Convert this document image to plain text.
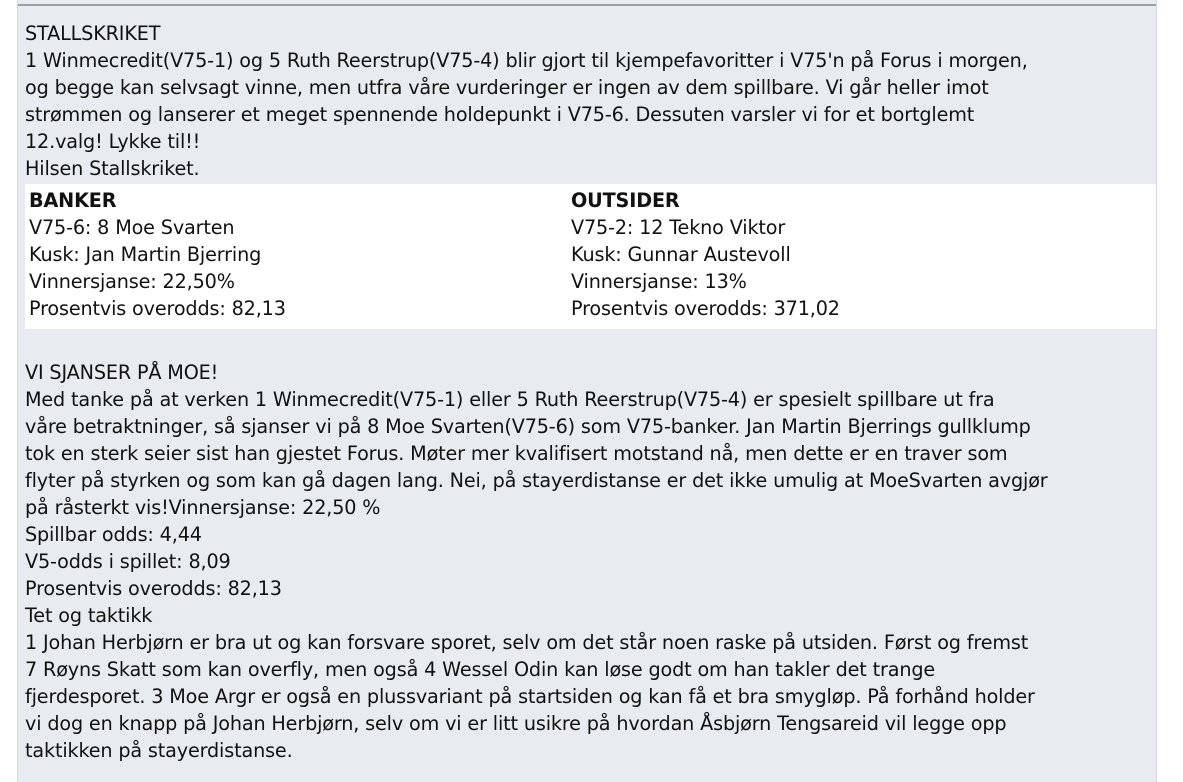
STALLSKRIKET

1 Winmecredit(V75-1) og 5 Ruth Reerstrup(V75-4) blir gjort til kjempefavoritter i V75'n på Forus i morgen,

og begge kan selvsagt vinne, men utfra våre vurderinger er ingen av dem spillbare. Vi går heller imot

strømmen og lanserer et meget spennende holdepunkt i V75-6. Dessuten varsler vi for et bortglemt

12.valg! Lykke til!!

Hilsen Stallskriket.

BANKER

V75-6: 8 Moe Svarten

Kusk: Jan Martin Bjerring

Vinnersjanse: 22,50%

Prosentvis overodds: 82,13

OUTSIDER

V75-2: 12 Tekno Viktor

Kusk: Gunnar Austevoll

Vinnersjanse: 13%

Prosentvis overodds: 371,02

VI SJANSER PÅ MOE!

Med tanke på at verken 1 Winmecredit(V75-1) eller 5 Ruth Reerstrup(V75-4) er spesielt spillbare ut fra

våre betraktninger, så sjanser vi på 8 Moe Svarten(V75-6) som V75-banker. Jan Martin Bjerrings gullklump

tok en sterk seier sist han gjestet Forus. Møter mer kvalifisert motstand nå, men dette er en traver som

flyter på styrken og som kan gå dagen lang. Nei, på stayerdistanse er det ikke umulig at MoeSvarten avgjør

på råsterkt vis!Vinnersjanse: 22,50 %

Spillbar odds: 4,44

V5-odds i spillet: 8,09

Prosentvis overodds: 82,13

Tet og taktikk

1 Johan Herbjørn er bra ut og kan forsvare sporet, selv om det står noen raske på utsiden. Først og fremst

7 Røyns Skatt som kan overfly, men også 4 Wessel Odin kan løse godt om han takler det trange

fjerdesporet. 3 Moe Argr er også en plussvariant på startsiden og kan få et bra smygløp. På forhånd holder

vi dog en knapp på Johan Herbjørn, selv om vi er litt usikre på hvordan Åsbjørn Tengsareid vil legge opp

taktikken på stayerdistanse.
